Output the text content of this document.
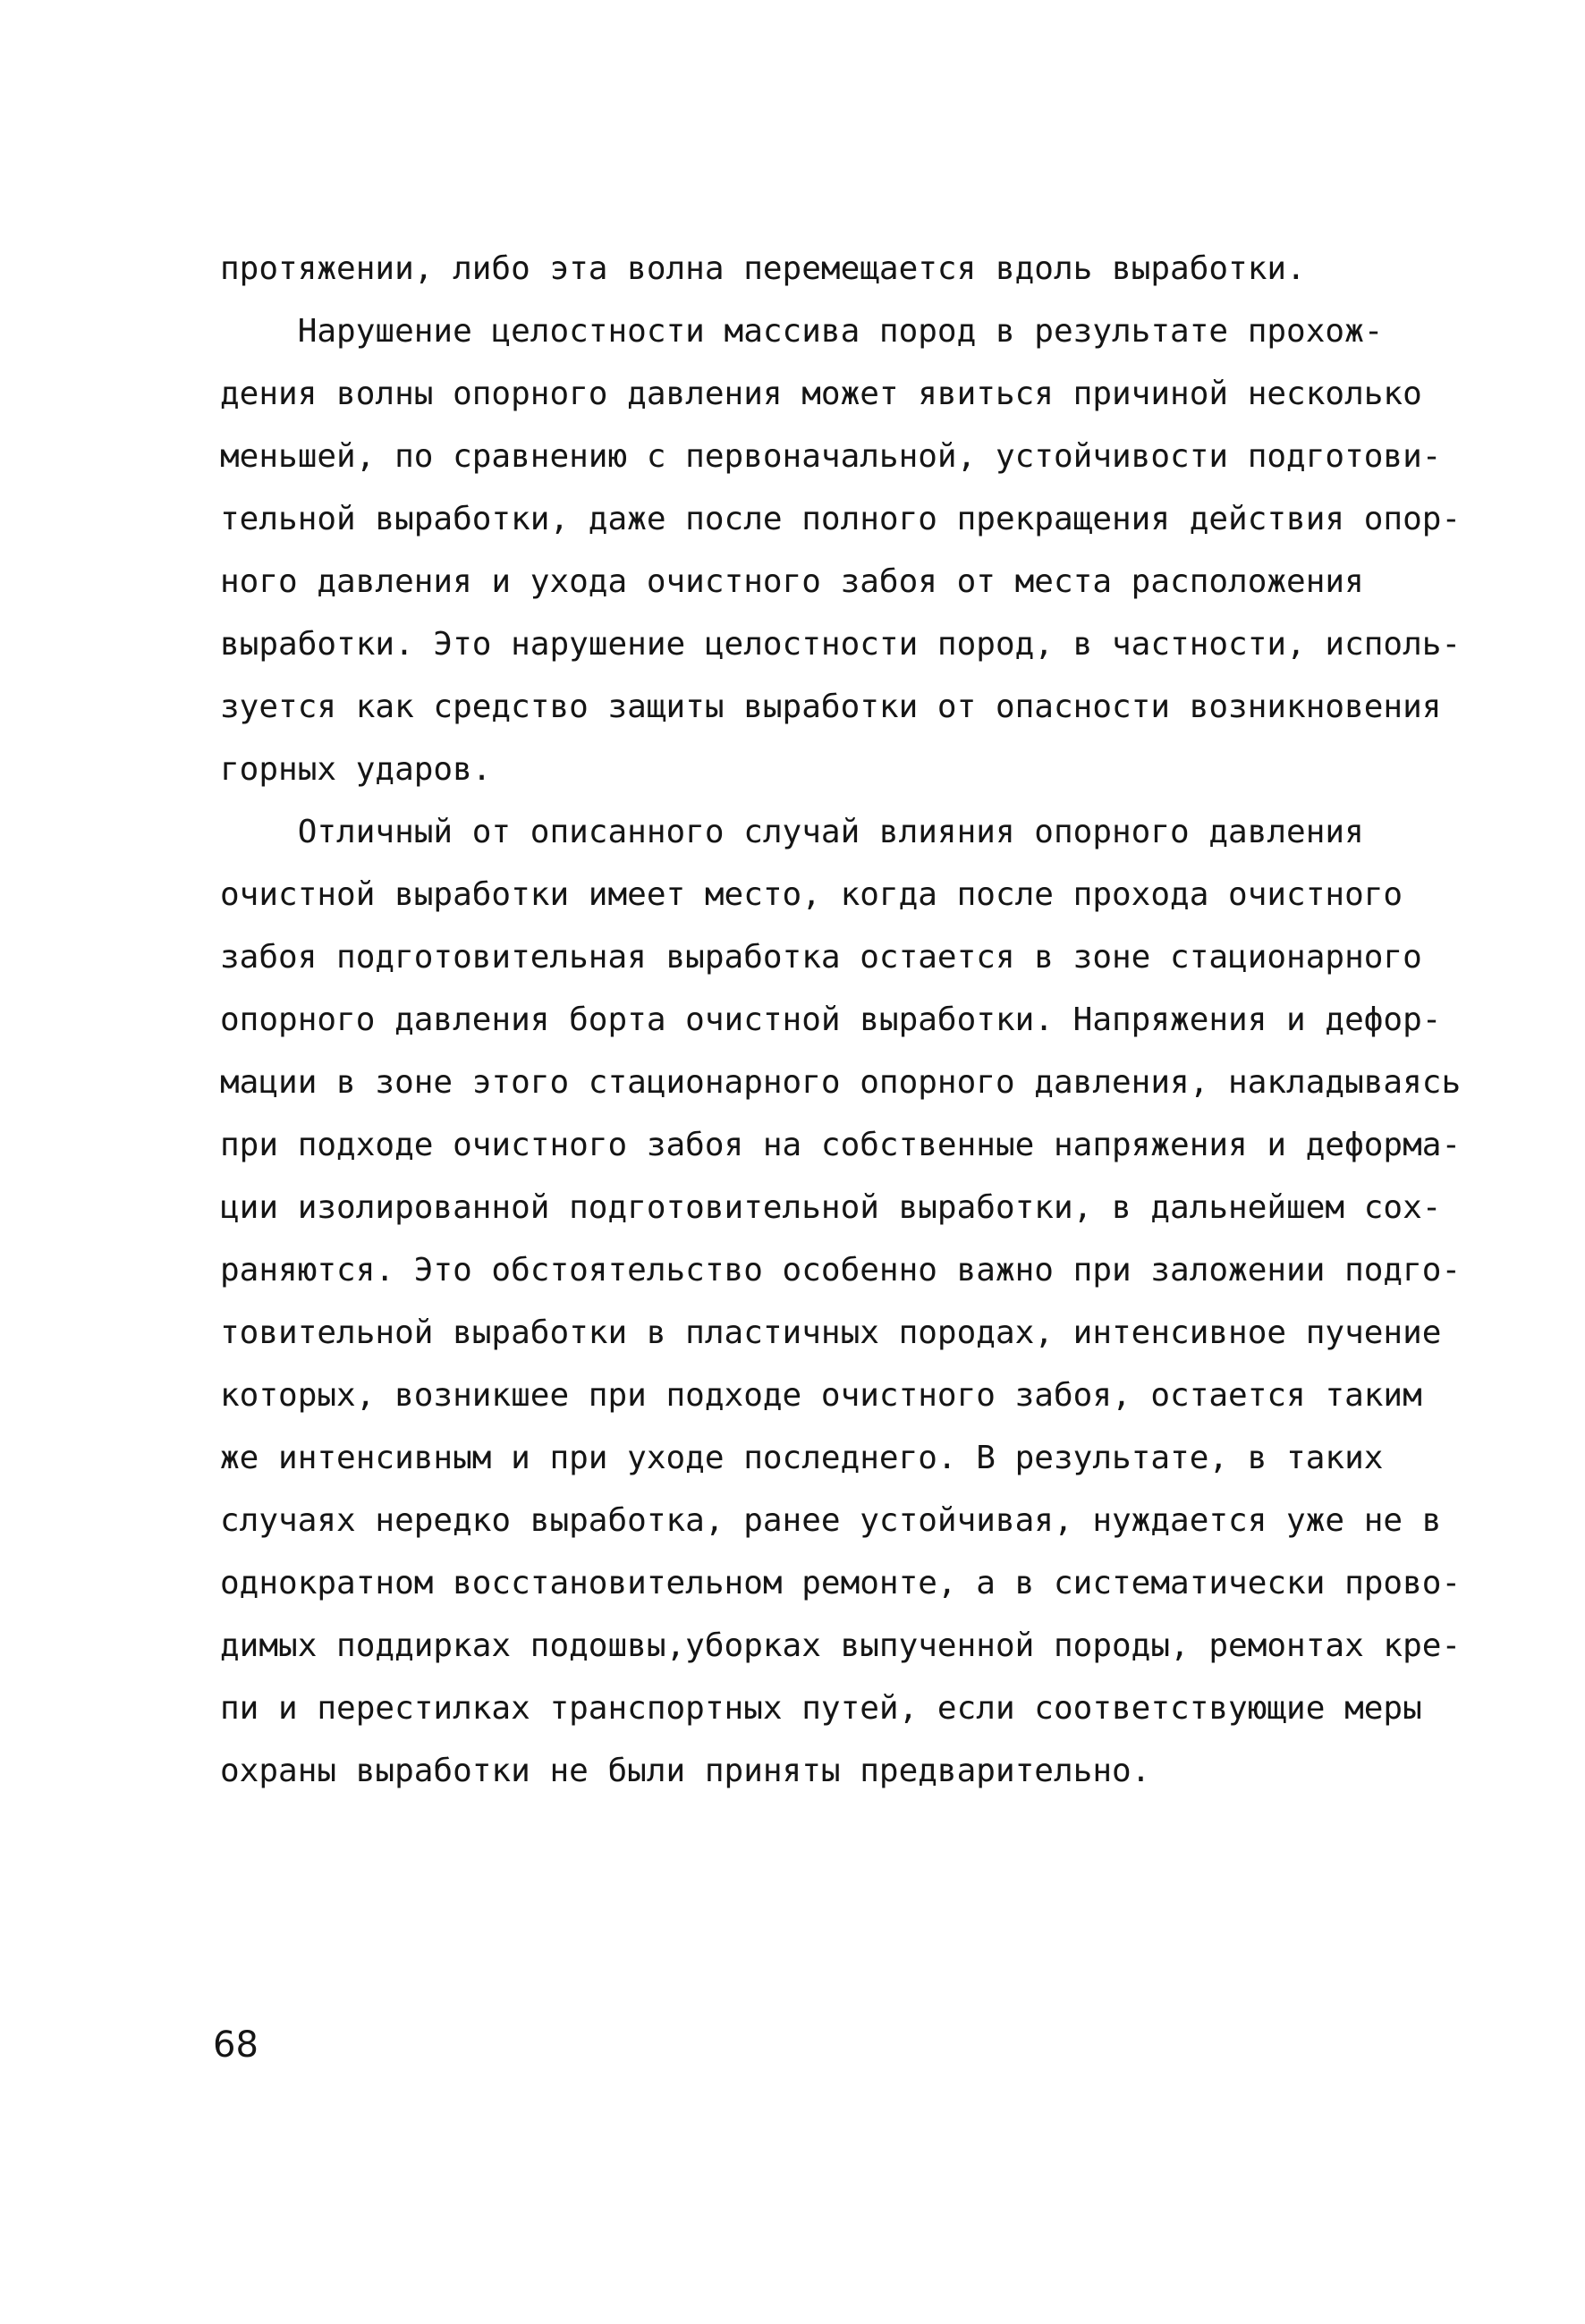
протяжении, либо эта волна перемещается вдоль выработки.
Нарушение целостности массива пород в результате прохож-
дения волны опорного давления может явиться причиной несколько
меньшей, по сравнению с первоначальной, устойчивости подготови-
тельной выработки, даже после полного прекращения действия опор-
ного давления и ухода очистного забоя от места расположения
выработки. Это нарушение целостности пород, в частности, исполь-
зуется как средство защиты выработки от опасности возникновения
горных ударов.
Отличный от описанного случай влияния опорного давления
очистной выработки имеет место, когда после прохода очистного
забоя подготовительная выработка остается в зоне стационарного
опорного давления борта очистной выработки. Напряжения и дефор-
мации в зоне этого стационарного опорного давления, накладываясь
при подходе очистного забоя на собственные напряжения и деформа-
ции изолированной подготовительной выработки, в дальнейшем сох-
раняются. Это обстоятельство особенно важно при заложении подго-
товительной выработки в пластичных породах, интенсивное пучение
которых, возникшее при подходе очистного забоя, остается таким
же интенсивным и при уходе последнего. В результате, в таких
случаях нередко выработка, ранее устойчивая, нуждается уже не в
однократном восстановительном ремонте, а в систематически прово-
димых поддирках подошвы,уборках выпученной породы, ремонтах кре-
пи и перестилках транспортных путей, если соответствующие меры
охраны выработки не были приняты предварительно.
68
